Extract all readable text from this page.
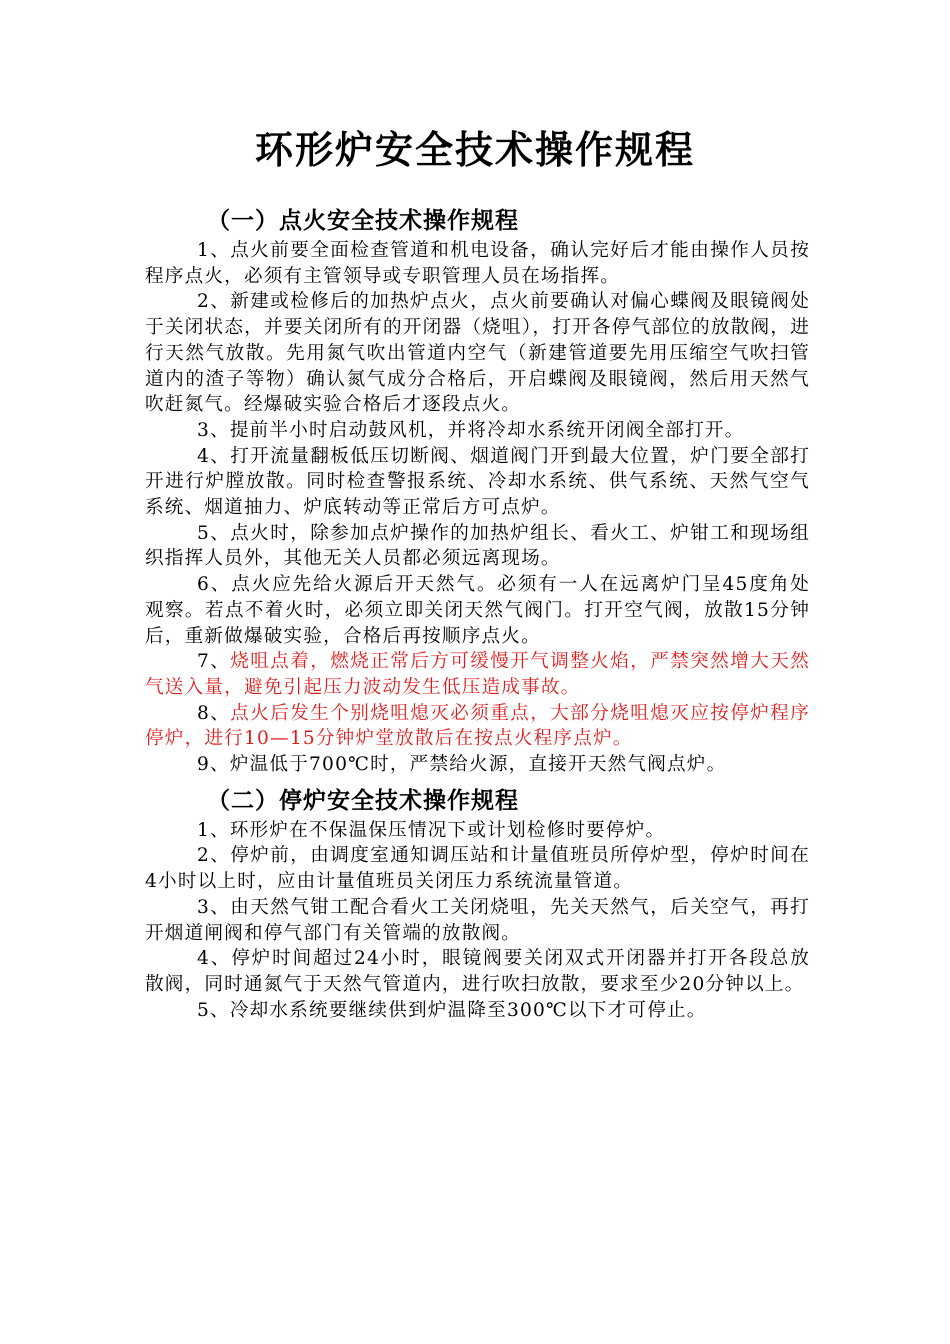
环形炉安全技术操作规程
（一）点火安全技术操作规程

1、点火前要全面检查管道和机电设备，确认完好后才能由操作人员按程序点火，必须有主管领导或专职管理人员在场指挥。

2、新建或检修后的加热炉点火，点火前要确认对偏心蝶阀及眼镜阀处于关闭状态，并要关闭所有的开闭器（烧咀），打开各停气部位的放散阀，进行天然气放散。先用氮气吹出管道内空气（新建管道要先用压缩空气吹扫管道内的渣子等物）确认氮气成分合格后，开启蝶阀及眼镜阀，然后用天然气吹赶氮气。经爆破实验合格后才逐段点火。

3、提前半小时启动鼓风机，并将冷却水系统开闭阀全部打开。

4、打开流量翻板低压切断阀、烟道阀门开到最大位置，炉门要全部打开进行炉膛放散。同时检查警报系统、冷却水系统、供气系统、天然气空气系统、烟道抽力、炉底转动等正常后方可点炉。

5、点火时，除参加点炉操作的加热炉组长、看火工、炉钳工和现场组织指挥人员外，其他无关人员都必须远离现场。

6、点火应先给火源后开天然气。必须有一人在远离炉门呈45度角处观察。若点不着火时，必须立即关闭天然气阀门。打开空气阀，放散15分钟后，重新做爆破实验，合格后再按顺序点火。

7、烧咀点着，燃烧正常后方可缓慢开气调整火焰，严禁突然增大天然气送入量，避免引起压力波动发生低压造成事故。

8、点火后发生个别烧咀熄灭必须重点，大部分烧咀熄灭应按停炉程序停炉，进行10—15分钟炉堂放散后在按点火程序点炉。

9、炉温低于700℃时，严禁给火源，直接开天然气阀点炉。

（二）停炉安全技术操作规程

1、环形炉在不保温保压情况下或计划检修时要停炉。

2、停炉前，由调度室通知调压站和计量值班员所停炉型，停炉时间在4小时以上时，应由计量值班员关闭压力系统流量管道。

3、由天然气钳工配合看火工关闭烧咀，先关天然气，后关空气，再打开烟道闸阀和停气部门有关管端的放散阀。

4、停炉时间超过24小时，眼镜阀要关闭双式开闭器并打开各段总放散阀，同时通氮气于天然气管道内，进行吹扫放散，要求至少20分钟以上。

5、冷却水系统要继续供到炉温降至300℃以下才可停止。
